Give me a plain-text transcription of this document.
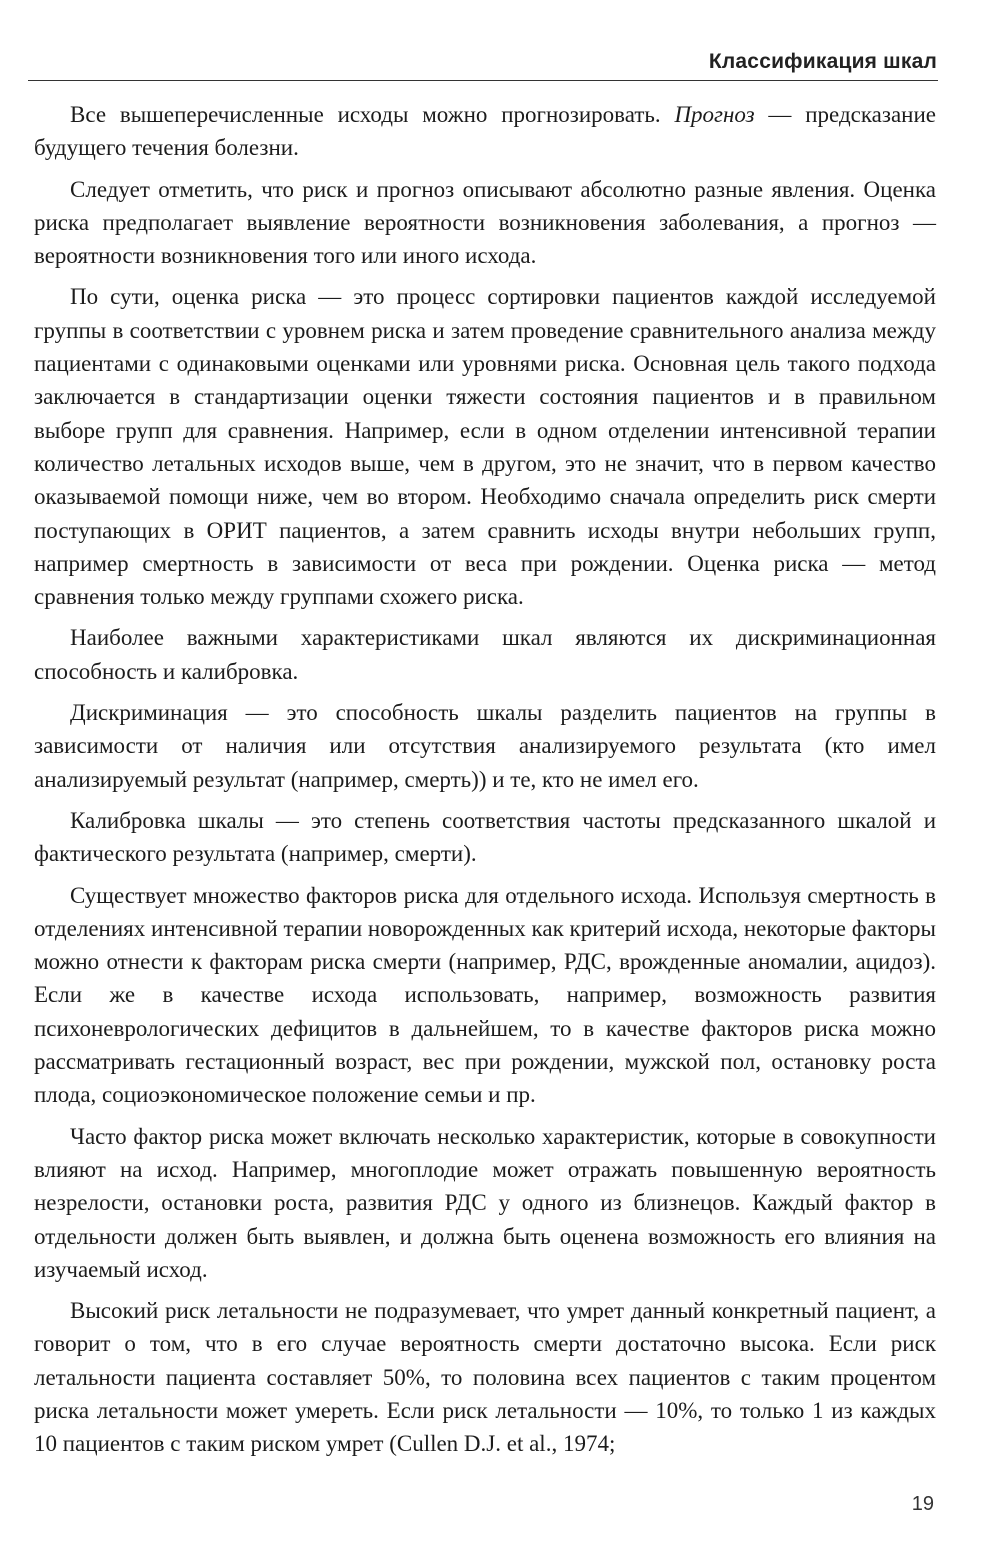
Классификация шкал

Все вышеперечисленные исходы можно прогнозировать. Прогноз — предсказание будущего течения болезни.

Следует отметить, что риск и прогноз описывают абсолютно разные явления. Оценка риска предполагает выявление вероятности возникновения заболевания, а прогноз — вероятности возникновения того или иного исхода.

По сути, оценка риска — это процесс сортировки пациентов каждой исследуемой группы в соответствии с уровнем риска и затем проведение сравнительного анализа между пациентами с одинаковыми оценками или уровнями риска. Основная цель такого подхода заключается в стандартизации оценки тяжести состояния пациентов и в правильном выборе групп для сравнения. Например, если в одном отделении интенсивной терапии количество летальных исходов выше, чем в другом, это не значит, что в первом качество оказываемой помощи ниже, чем во втором. Необходимо сначала определить риск смерти поступающих в ОРИТ пациентов, а затем сравнить исходы внутри небольших групп, например смертность в зависимости от веса при рождении. Оценка риска — метод сравнения только между группами схожего риска.

Наиболее важными характеристиками шкал являются их дискриминационная способность и калибровка.

Дискриминация — это способность шкалы разделить пациентов на группы в зависимости от наличия или отсутствия анализируемого результата (кто имел анализируемый результат (например, смерть)) и те, кто не имел его.

Калибровка шкалы — это степень соответствия частоты предсказанного шкалой и фактического результата (например, смерти).

Существует множество факторов риска для отдельного исхода. Используя смертность в отделениях интенсивной терапии новорожденных как критерий исхода, некоторые факторы можно отнести к факторам риска смерти (например, РДС, врожденные аномалии, ацидоз). Если же в качестве исхода использовать, например, возможность развития психоневрологических дефицитов в дальнейшем, то в качестве факторов риска можно рассматривать гестационный возраст, вес при рождении, мужской пол, остановку роста плода, социоэкономическое положение семьи и пр.

Часто фактор риска может включать несколько характеристик, которые в совокупности влияют на исход. Например, многоплодие может отражать повышенную вероятность незрелости, остановки роста, развития РДС у одного из близнецов. Каждый фактор в отдельности должен быть выявлен, и должна быть оценена возможность его влияния на изучаемый исход.

Высокий риск летальности не подразумевает, что умрет данный конкретный пациент, а говорит о том, что в его случае вероятность смерти достаточно высока. Если риск летальности пациента составляет 50%, то половина всех пациентов с таким процентом риска летальности может умереть. Если риск летальности — 10%, то только 1 из каждых 10 пациентов с таким риском умрет (Cullen D.J. et al., 1974;

19
